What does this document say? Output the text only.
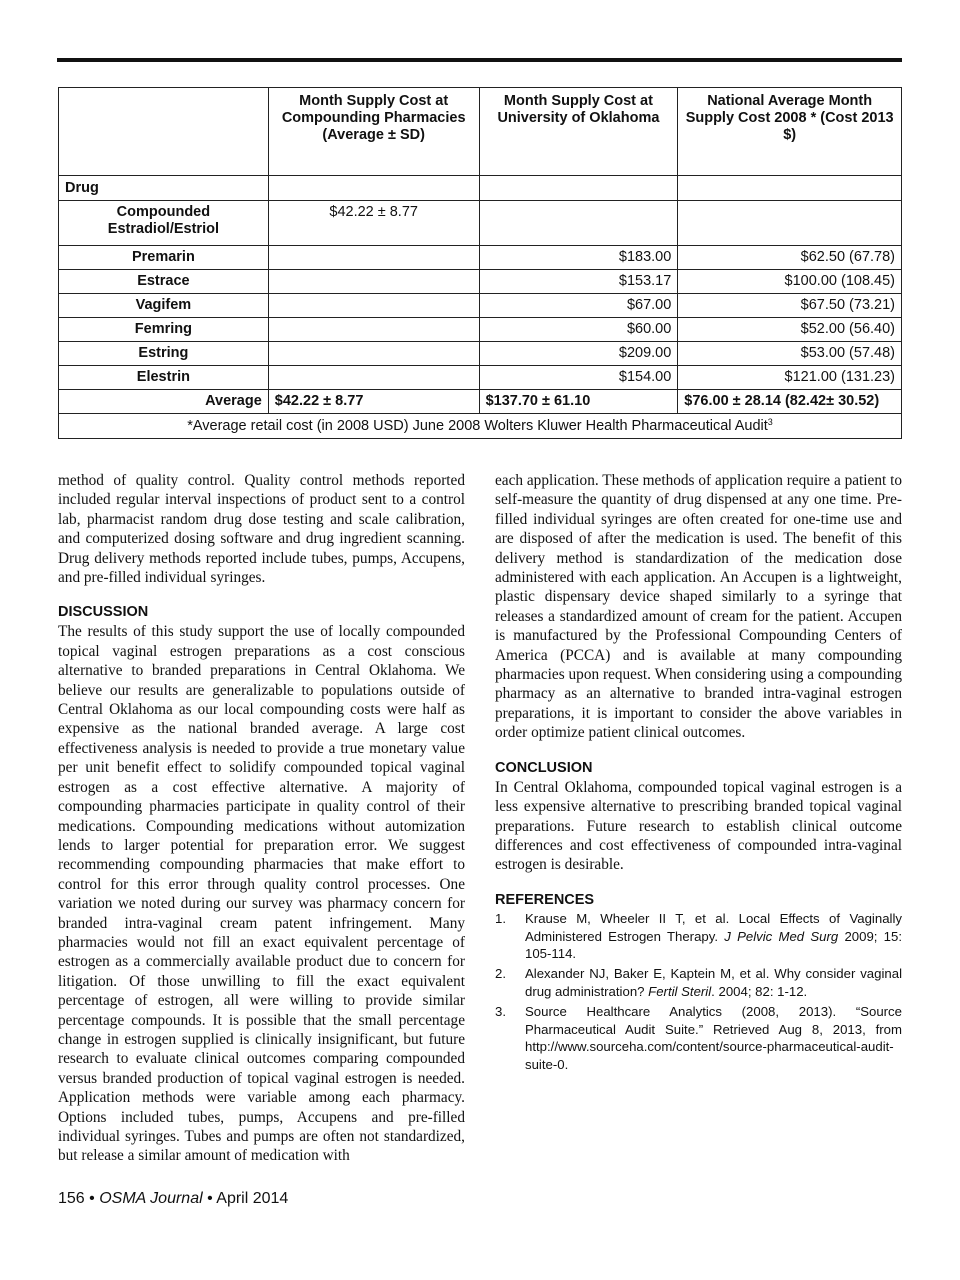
	Month Supply Cost at Compounding Pharmacies (Average ± SD)	Month Supply Cost at University of Oklahoma	National Average Month Supply Cost 2008 * (Cost 2013 $)
Drug			
Compounded Estradiol/Estriol	$42.22 ± 8.77		
Premarin		$183.00	$62.50 (67.78)
Estrace		$153.17	$100.00 (108.45)
Vagifem		$67.00	$67.50 (73.21)
Femring		$60.00	$52.00 (56.40)
Estring		$209.00	$53.00 (57.48)
Elestrin		$154.00	$121.00 (131.23)
Average	$42.22 ± 8.77	$137.70 ± 61.10	$76.00 ± 28.14 (82.42± 30.52)
*Average retail cost (in 2008 USD) June 2008 Wolters Kluwer Health Pharmaceutical Audit$^3$

method of quality control. Quality control methods reported included regular interval inspections of product sent to a control lab, pharmacist random drug dose testing and scale calibration, and computerized dosing software and drug ingredient scanning. Drug delivery methods reported include tubes, pumps, Accupens, and pre-filled individual syringes.

DISCUSSION

The results of this study support the use of locally compounded topical vaginal estrogen preparations as a cost conscious alternative to branded preparations in Central Oklahoma. We believe our results are generalizable to populations outside of Central Oklahoma as our local compounding costs were half as expensive as the national branded average. A large cost effectiveness analysis is needed to provide a true monetary value per unit benefit effect to solidify compounded topical vaginal estrogen as a cost effective alternative. A majority of compounding pharmacies participate in quality control of their medications. Compounding medications without automization lends to larger potential for preparation error. We suggest recommending compounding pharmacies that make effort to control for this error through quality control processes. One variation we noted during our survey was pharmacy concern for branded intra-vaginal cream patent infringement. Many pharmacies would not fill an exact equivalent percentage of estrogen as a commercially available product due to concern for litigation. Of those unwilling to fill the exact equivalent percentage of estrogen, all were willing to provide similar percentage compounds. It is possible that the small percentage change in estrogen supplied is clinically insignificant, but future research to evaluate clinical outcomes comparing compounded versus branded production of topical vaginal estrogen is needed. Application methods were variable among each pharmacy. Options included tubes, pumps, Accupens and pre-filled individual syringes. Tubes and pumps are often not standardized, but release a similar amount of medication with

each application. These methods of application require a patient to self-measure the quantity of drug dispensed at any one time. Pre-filled individual syringes are often created for one-time use and are disposed of after the medication is used. The benefit of this delivery method is standardization of the medication dose administered with each application. An Accupen is a lightweight, plastic dispensary device shaped similarly to a syringe that releases a standardized amount of cream for the patient. Accupen is manufactured by the Professional Compounding Centers of America (PCCA) and is available at many compounding pharmacies upon request. When considering using a compounding pharmacy as an alternative to branded intra-vaginal estrogen preparations, it is important to consider the above variables in order optimize patient clinical outcomes.

CONCLUSION

In Central Oklahoma, compounded topical vaginal estrogen is a less expensive alternative to prescribing branded topical vaginal preparations. Future research to establish clinical outcome differences and cost effectiveness of compounded intra-vaginal estrogen is desirable.

REFERENCES
1. Krause M, Wheeler II T, et al. Local Effects of Vaginally Administered Estrogen Therapy. J Pelvic Med Surg 2009; 15: 105-114.
2. Alexander NJ, Baker E, Kaptein M, et al. Why consider vaginal drug administration? Fertil Steril. 2004; 82: 1-12.
3. Source Healthcare Analytics (2008, 2013). “Source Pharmaceutical Audit Suite.” Retrieved Aug 8, 2013, from http://www.sourceha.com/content/source-pharmaceutical-audit-suite-0.
156 • OSMA Journal • April 2014
